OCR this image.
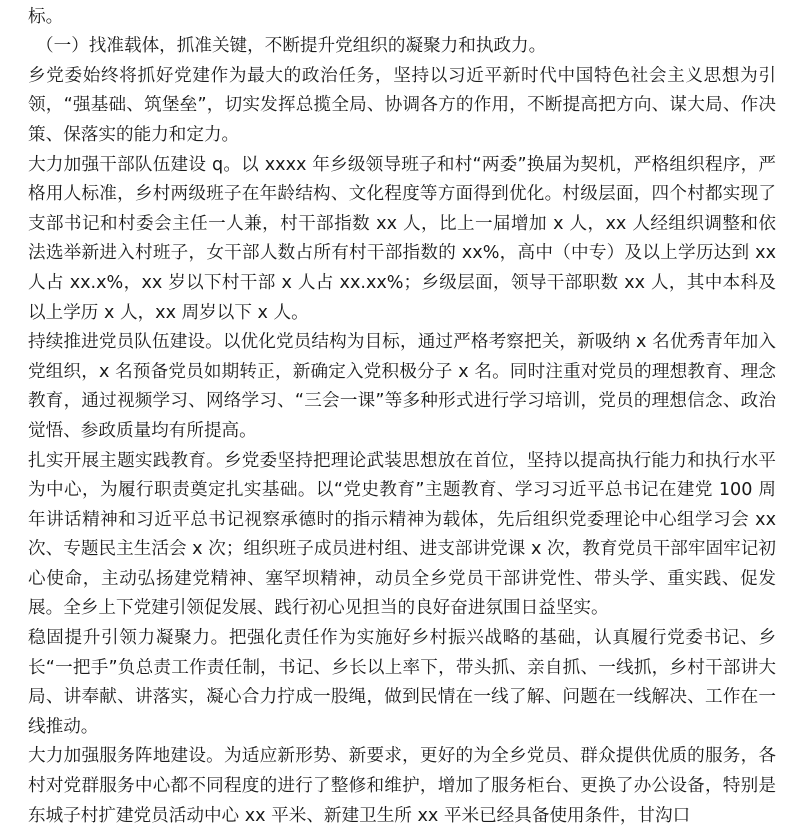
标。

（一）找准载体，抓准关键，不断提升党组织的凝聚力和执政力。

乡党委始终将抓好党建作为最大的政治任务，坚持以习近平新时代中国特色社会主义思想为引领，“强基础、筑堡垒”，切实发挥总揽全局、协调各方的作用，不断提高把方向、谋大局、作决策、保落实的能力和定力。

大力加强干部队伍建设 q。以 xxxx 年乡级领导班子和村“两委”换届为契机，严格组织程序，严格用人标准，乡村两级班子在年龄结构、文化程度等方面得到优化。村级层面，四个村都实现了支部书记和村委会主任一人兼，村干部指数 xx 人，比上一届增加 x 人，xx 人经组织调整和依法选举新进入村班子，女干部人数占所有村干部指数的 xx%，高中（中专）及以上学历达到 xx 人占 xx.x%，xx 岁以下村干部 x 人占 xx.xx%；乡级层面，领导干部职数 xx 人，其中本科及以上学历 x 人，xx 周岁以下 x 人。

持续推进党员队伍建设。以优化党员结构为目标，通过严格考察把关，新吸纳 x 名优秀青年加入党组织，x 名预备党员如期转正，新确定入党积极分子 x 名。同时注重对党员的理想教育、理念教育，通过视频学习、网络学习、“三会一课”等多种形式进行学习培训，党员的理想信念、政治觉悟、参政质量均有所提高。

扎实开展主题实践教育。乡党委坚持把理论武装思想放在首位，坚持以提高执行能力和执行水平为中心，为履行职责奠定扎实基础。以“党史教育”主题教育、学习习近平总书记在建党 100 周年讲话精神和习近平总书记视察承德时的指示精神为载体，先后组织党委理论中心组学习会 xx 次、专题民主生活会 x 次；组织班子成员进村组、进支部讲党课 x 次，教育党员干部牢固牢记初心使命，主动弘扬建党精神、塞罕坝精神，动员全乡党员干部讲党性、带头学、重实践、促发展。全乡上下党建引领促发展、践行初心见担当的良好奋进氛围日益坚实。

稳固提升引领力凝聚力。把强化责任作为实施好乡村振兴战略的基础，认真履行党委书记、乡长“一把手”负总责工作责任制，书记、乡长以上率下，带头抓、亲自抓、一线抓，乡村干部讲大局、讲奉献、讲落实，凝心合力拧成一股绳，做到民情在一线了解、问题在一线解决、工作在一线推动。

大力加强服务阵地建设。为适应新形势、新要求，更好的为全乡党员、群众提供优质的服务，各村对党群服务中心都不同程度的进行了整修和维护，增加了服务柜台、更换了办公设备，特别是东城子村扩建党员活动中心 xx 平米、新建卫生所 xx 平米已经具备使用条件，甘沟口
